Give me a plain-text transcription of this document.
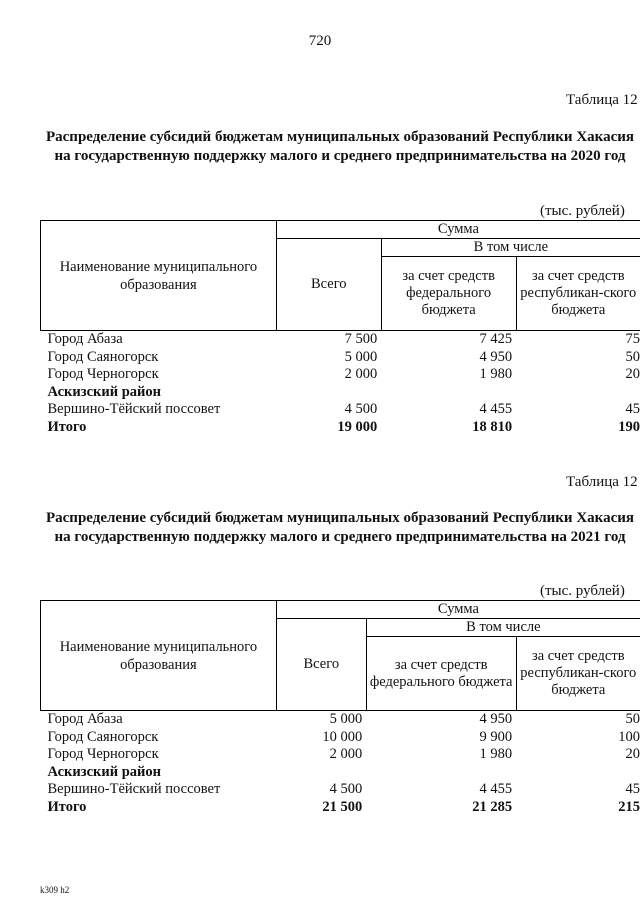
720
Таблица 12
Распределение субсидий бюджетам муниципальных образований Республики Хакасия на государственную поддержку малого и среднего предпринимательства на 2020 год
(тыс. рублей)
Наименование муниципального образования	Сумма		
	Всего	В том числе	
		за счет средств федерального бюджета	за счет средств республикан-ского бюджета
Город Абаза	7 500	7 425	75
Город Саяногорск	5 000	4 950	50
Город Черногорск	2 000	1 980	20
Аскизский район			
Вершино-Тёйский поссовет	4 500	4 455	45
Итого	19 000	18 810	190
Таблица 12
Распределение субсидий бюджетам муниципальных образований Республики Хакасия на государственную поддержку малого и среднего предпринимательства на 2021 год
(тыс. рублей)
Наименование муниципального образования	Сумма		
	Всего	В том числе	
		за счет средств федерального бюджета	за счет средств республикан-ского бюджета
Город Абаза	5 000	4 950	50
Город Саяногорск	10 000	9 900	100
Город Черногорск	2 000	1 980	20
Аскизский район			
Вершино-Тёйский поссовет	4 500	4 455	45
Итого	21 500	21 285	215
k309 h2
